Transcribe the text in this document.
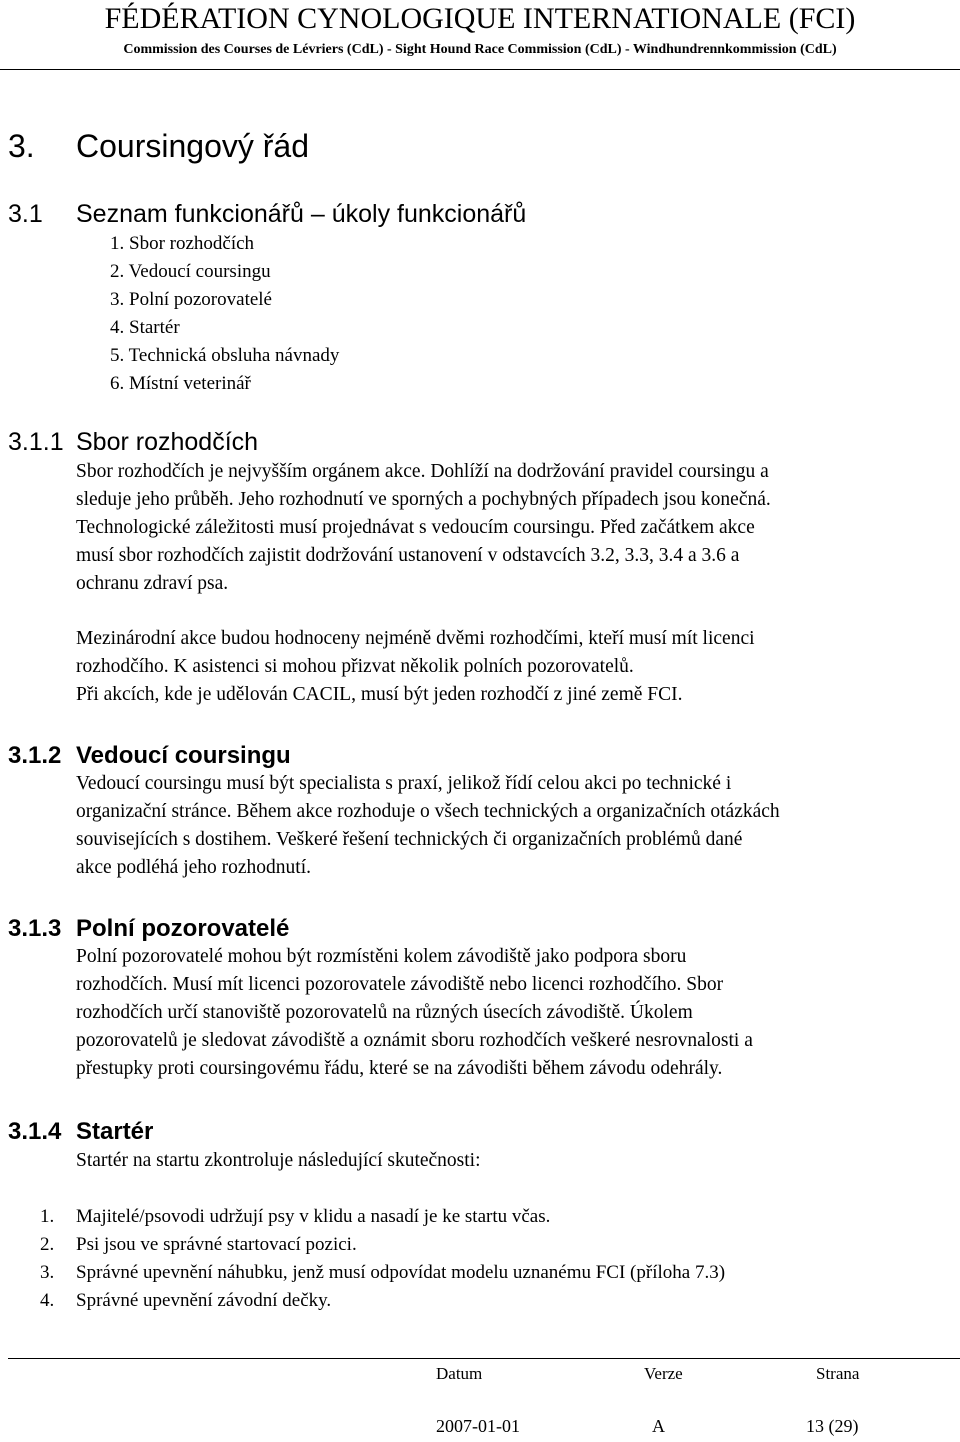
FÉDÉRATION CYNOLOGIQUE INTERNATIONALE (FCI)
Commission des Courses de Lévriers (CdL) - Sight Hound Race Commission (CdL) - Windhundrennkommission (CdL)
3. Coursingový řád
3.1 Seznam funkcionářů – úkoly funkcionářů
1. Sbor rozhodčích
2. Vedoucí coursingu
3. Polní pozorovatelé
4. Startér
5. Technická obsluha návnady
6. Místní veterinář
3.1.1 Sbor rozhodčích
Sbor rozhodčích je nejvyšším orgánem akce. Dohlíží na dodržování pravidel coursingu a
sleduje jeho průběh. Jeho rozhodnutí ve sporných a pochybných případech jsou konečná.
Technologické záležitosti musí projednávat s vedoucím coursingu. Před začátkem akce
musí sbor rozhodčích zajistit dodržování ustanovení v odstavcích 3.2, 3.3, 3.4 a 3.6 a
ochranu zdraví psa.
Mezinárodní akce budou hodnoceny nejméně dvěmi rozhodčími, kteří musí mít licenci
rozhodčího. K asistenci si mohou přizvat několik polních pozorovatelů.
Při akcích, kde je udělován CACIL, musí být jeden rozhodčí z jiné země FCI.
3.1.2 Vedoucí coursingu
Vedoucí coursingu musí být specialista s praxí, jelikož řídí celou akci po technické i
organizační stránce. Během akce rozhoduje o všech technických a organizačních otázkách
souvisejících s dostihem. Veškeré řešení technických či organizačních problémů dané
akce podléhá jeho rozhodnutí.
3.1.3 Polní pozorovatelé
Polní pozorovatelé mohou být rozmístěni kolem závodiště jako podpora sboru
rozhodčích. Musí mít licenci pozorovatele závodiště nebo licenci rozhodčího. Sbor
rozhodčích určí stanoviště pozorovatelů na různých úsecích závodiště. Úkolem
pozorovatelů je sledovat závodiště a oznámit sboru rozhodčích veškeré nesrovnalosti a
přestupky proti coursingovému řádu, které se na závodišti během závodu odehrály.
3.1.4 Startér
Startér na startu zkontroluje následující skutečnosti:
1. Majitelé/psovodi udržují psy v klidu a nasadí je ke startu včas.
2. Psi jsou ve správné startovací pozici.
3. Správné upevnění náhubku, jenž musí odpovídat modelu uznanému FCI (příloha 7.3)
4. Správné upevnění závodní dečky.
Datum	Verze	Strana
2007-01-01	A	13 (29)
